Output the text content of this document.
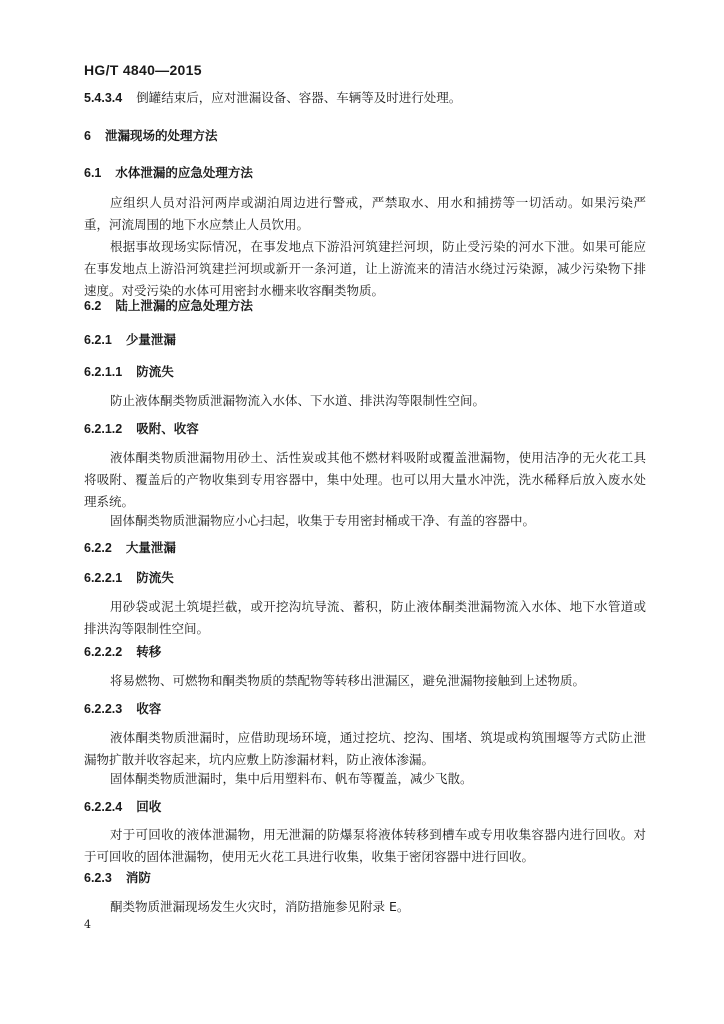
HG/T 4840—2015
5.4.3.4 倒罐结束后，应对泄漏设备、容器、车辆等及时进行处理。
6 泄漏现场的处理方法
6.1 水体泄漏的应急处理方法
应组织人员对沿河两岸或湖泊周边进行警戒，严禁取水、用水和捕捞等一切活动。如果污染严重，河流周围的地下水应禁止人员饮用。
根据事故现场实际情况，在事发地点下游沿河筑建拦河坝，防止受污染的河水下泄。如果可能应在事发地点上游沿河筑建拦河坝或新开一条河道，让上游流来的清洁水绕过污染源，减少污染物下排速度。对受污染的水体可用密封水栅来收容酮类物质。
6.2 陆上泄漏的应急处理方法
6.2.1 少量泄漏
6.2.1.1 防流失
防止液体酮类物质泄漏物流入水体、下水道、排洪沟等限制性空间。
6.2.1.2 吸附、收容
液体酮类物质泄漏物用砂土、活性炭或其他不燃材料吸附或覆盖泄漏物，使用洁净的无火花工具将吸附、覆盖后的产物收集到专用容器中，集中处理。也可以用大量水冲洗，洗水稀释后放入废水处理系统。
固体酮类物质泄漏物应小心扫起，收集于专用密封桶或干净、有盖的容器中。
6.2.2 大量泄漏
6.2.2.1 防流失
用砂袋或泥土筑堤拦截，或开挖沟坑导流、蓄积，防止液体酮类泄漏物流入水体、地下水管道或排洪沟等限制性空间。
6.2.2.2 转移
将易燃物、可燃物和酮类物质的禁配物等转移出泄漏区，避免泄漏物接触到上述物质。
6.2.2.3 收容
液体酮类物质泄漏时，应借助现场环境，通过挖坑、挖沟、围堵、筑堤或构筑围堰等方式防止泄漏物扩散并收容起来，坑内应敷上防渗漏材料，防止液体渗漏。
固体酮类物质泄漏时，集中后用塑料布、帆布等覆盖，减少飞散。
6.2.2.4 回收
对于可回收的液体泄漏物，用无泄漏的防爆泵将液体转移到槽车或专用收集容器内进行回收。对于可回收的固体泄漏物，使用无火花工具进行收集，收集于密闭容器中进行回收。
6.2.3 消防
酮类物质泄漏现场发生火灾时，消防措施参见附录 E。
4
